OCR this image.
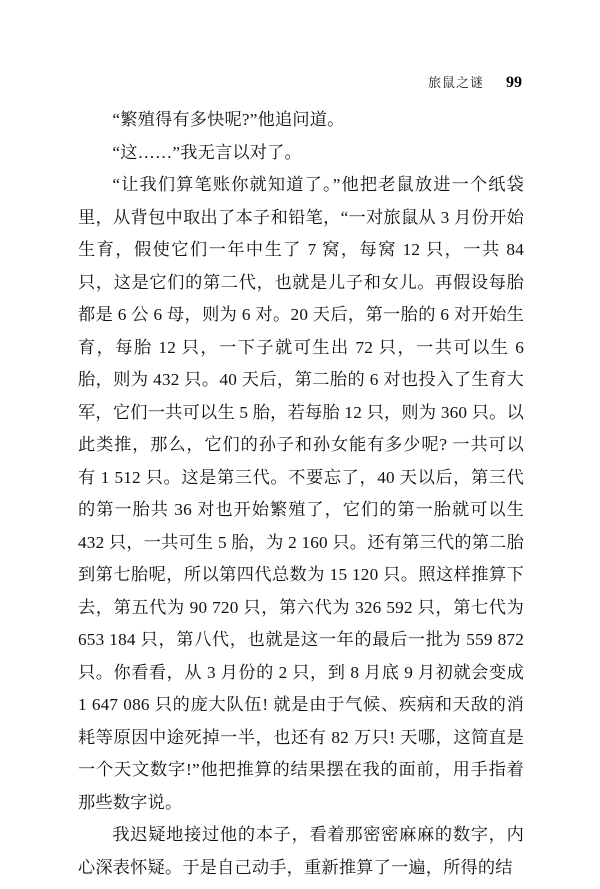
旅鼠之谜 99

“繁殖得有多快呢?”他追问道。

“这……”我无言以对了。

“让我们算笔账你就知道了。”他把老鼠放进一个纸袋里，从背包中取出了本子和铅笔，“一对旅鼠从 3 月份开始生育，假使它们一年中生了 7 窝，每窝 12 只，一共 84 只，这是它们的第二代，也就是儿子和女儿。再假设每胎都是 6 公 6 母，则为 6 对。20 天后，第一胎的 6 对开始生育，每胎 12 只，一下子就可生出 72 只，一共可以生 6 胎，则为 432 只。40 天后，第二胎的 6 对也投入了生育大军，它们一共可以生 5 胎，若每胎 12 只，则为 360 只。以此类推，那么，它们的孙子和孙女能有多少呢? 一共可以有 1 512 只。这是第三代。不要忘了，40 天以后，第三代的第一胎共 36 对也开始繁殖了，它们的第一胎就可以生 432 只，一共可生 5 胎，为 2 160 只。还有第三代的第二胎到第七胎呢，所以第四代总数为 15 120 只。照这样推算下去，第五代为 90 720 只，第六代为 326 592 只，第七代为 653 184 只，第八代，也就是这一年的最后一批为 559 872 只。你看看，从 3 月份的 2 只，到 8 月底 9 月初就会变成 1 647 086 只的庞大队伍! 就是由于气候、疾病和天敌的消耗等原因中途死掉一半，也还有 82 万只! 天哪，这简直是一个天文数字!”他把推算的结果摆在我的面前，用手指着那些数字说。

我迟疑地接过他的本子，看着那密密麻麻的数字，内心深表怀疑。于是自己动手，重新推算了一遍，所得的结
